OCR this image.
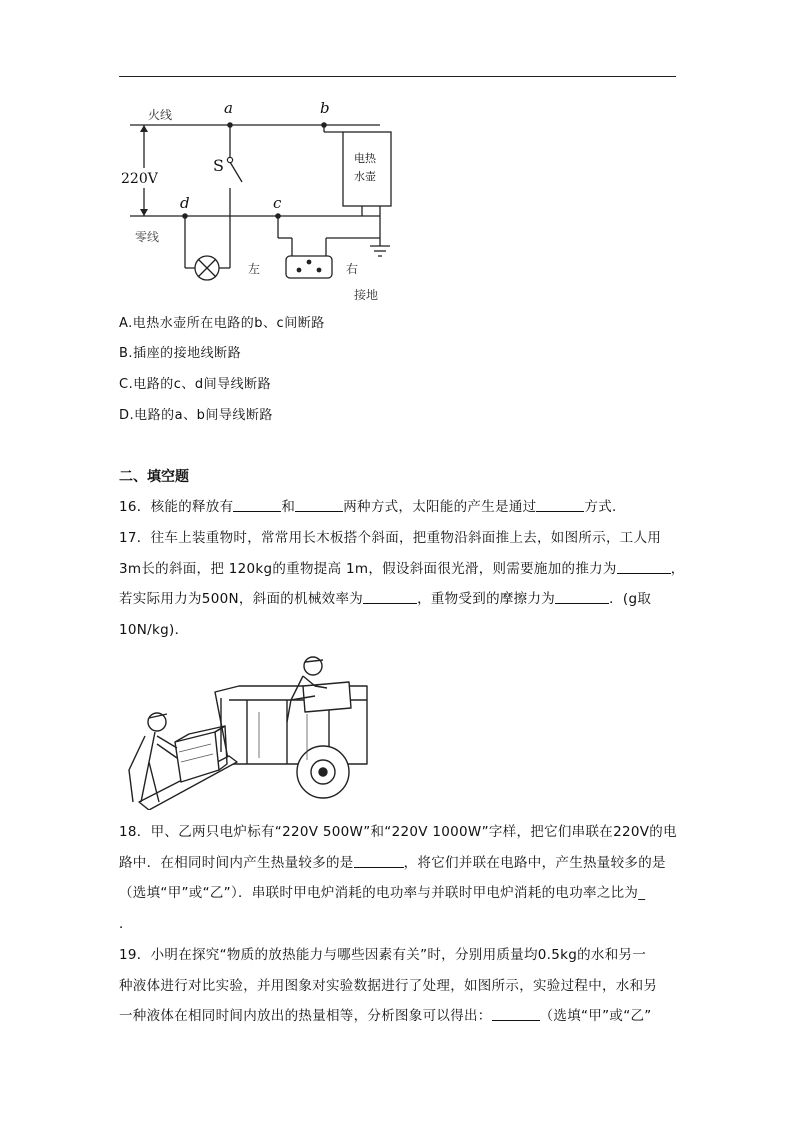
火线
零线
220V
a	b
c
d
S	电热
水壶
左	右
接地
A.电热水壶所在电路的b、c间断路
B.插座的接地线断路
C.电路的c、d间导线断路
D.电路的a、b间导线断路
二、填空题
16．核能的释放有	和	两种方式，太阳能的产生是通过	方式．
17．往车上装重物时，常常用长木板搭个斜面，把重物沿斜面推上去，如图所示，工人用
3m长的斜面，把 120kg的重物提高 1m，假设斜面很光滑，则需要施加的推力为	，
若实际用力为500N，斜面的机械效率为	，重物受到的摩擦力为	．(g取
10N/kg)．
18．甲、乙两只电炉标有“220V 500W”和“220V 1000W”字样，把它们串联在220V的电
路中．在相同时间内产生热量较多的是	，将它们并联在电路中，产生热量较多的是
（选填“甲”或“乙”）．串联时甲电炉消耗的电功率与并联时甲电炉消耗的电功率之比为_
．
19．小明在探究“物质的放热能力与哪些因素有关”时，分别用质量均0.5kg的水和另一
种液体进行对比实验，并用图象对实验数据进行了处理，如图所示，实验过程中，水和另
一种液体在相同时间内放出的热量相等，分析图象可以得出：	（选填“甲”或“乙”
